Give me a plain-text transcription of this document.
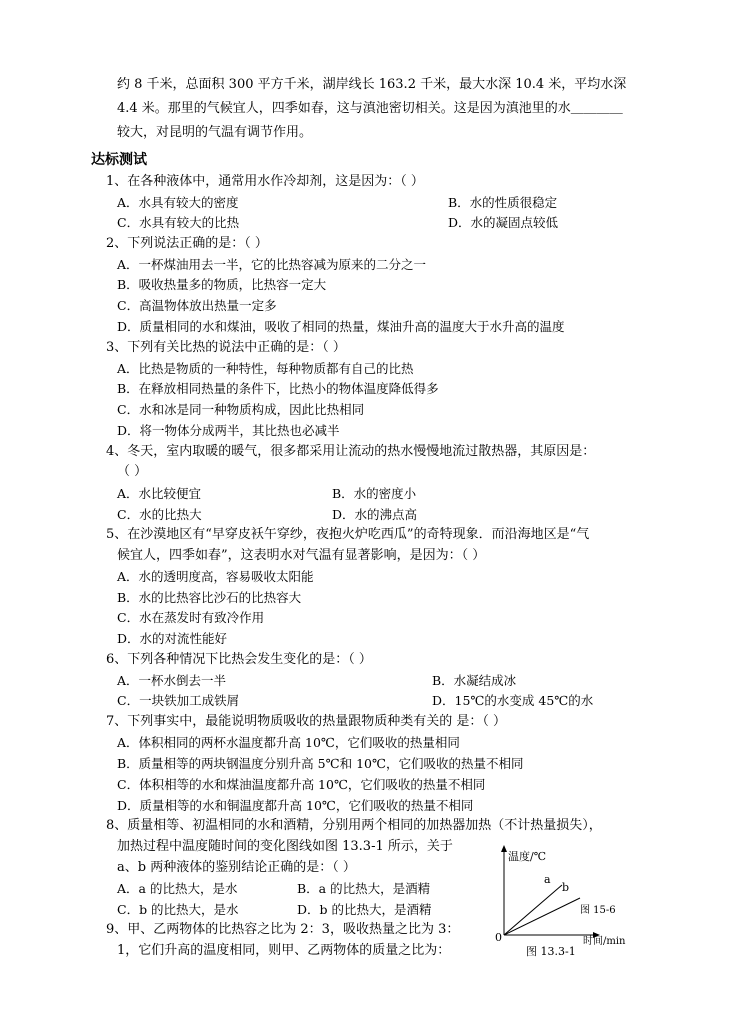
约 8 千米，总面积 300 平方千米，湖岸线长 163.2 千米，最大水深 10.4 米，平均水深
4.4 米。那里的气候宜人，四季如春，这与滇池密切相关。这是因为滇池里的水＿＿＿＿
较大，对昆明的气温有调节作用。
达标测试
1、在各种液体中，通常用水作冷却剂，这是因为：（ ）
A．水具有较大的密度	B．水的性质很稳定
C．水具有较大的比热	D．水的凝固点较低
2、下列说法正确的是：（ ）
A．一杯煤油用去一半，它的比热容减为原来的二分之一
B．吸收热量多的物质，比热容一定大
C．高温物体放出热量一定多
D．质量相同的水和煤油，吸收了相同的热量，煤油升高的温度大于水升高的温度
3、下列有关比热的说法中正确的是：（ ）
A．比热是物质的一种特性，每种物质都有自己的比热
B．在释放相同热量的条件下，比热小的物体温度降低得多
C．水和冰是同一种物质构成，因此比热相同
D．将一物体分成两半，其比热也必减半
4、冬天，室内取暖的暖气，很多都采用让流动的热水慢慢地流过散热器，其原因是：
（ ）
A．水比较便宜	B．水的密度小
C．水的比热大	D．水的沸点高
5、在沙漠地区有“早穿皮袄午穿纱，夜抱火炉吃西瓜”的奇特现象．而沿海地区是“气
候宜人，四季如春”，这表明水对气温有显著影响，是因为：（ ）
A．水的透明度高，容易吸收太阳能
B．水的比热容比沙石的比热容大
C．水在蒸发时有致冷作用
D．水的对流性能好
6、下列各种情况下比热会发生变化的是：（ ）
A．一杯水倒去一半	B．水凝结成冰
C．一块铁加工成铁屑	D．15℃的水变成 45℃的水
7、下列事实中，最能说明物质吸收的热量跟物质种类有关的 是：（ ）
A．体积相同的两杯水温度都升高 10℃，它们吸收的热量相同
B．质量相等的两块钢温度分别升高 5℃和 10℃，它们吸收的热量不相同
C．体积相等的水和煤油温度都升高 10℃，它们吸收的热量不相同
D．质量相等的水和铜温度都升高 10℃，它们吸收的热量不相同
8、质量相等、初温相同的水和酒精，分别用两个相同的加热器加热（不计热量损失），
加热过程中温度随时间的变化图线如图 13.3-1 所示，关于
a、b 两种液体的鉴别结论正确的是：（ ）
A．a 的比热大，是水	B．a 的比热大，是酒精
C．b 的比热大，是水	D．b 的比热大，是酒精
9、甲、乙两物体的比热容之比为 2：3，吸收热量之比为 3：
1，它们升高的温度相同，则甲、乙两物体的质量之比为：
温度/℃
a
b
图 15-6
0	时间/min
图 13.3-1
